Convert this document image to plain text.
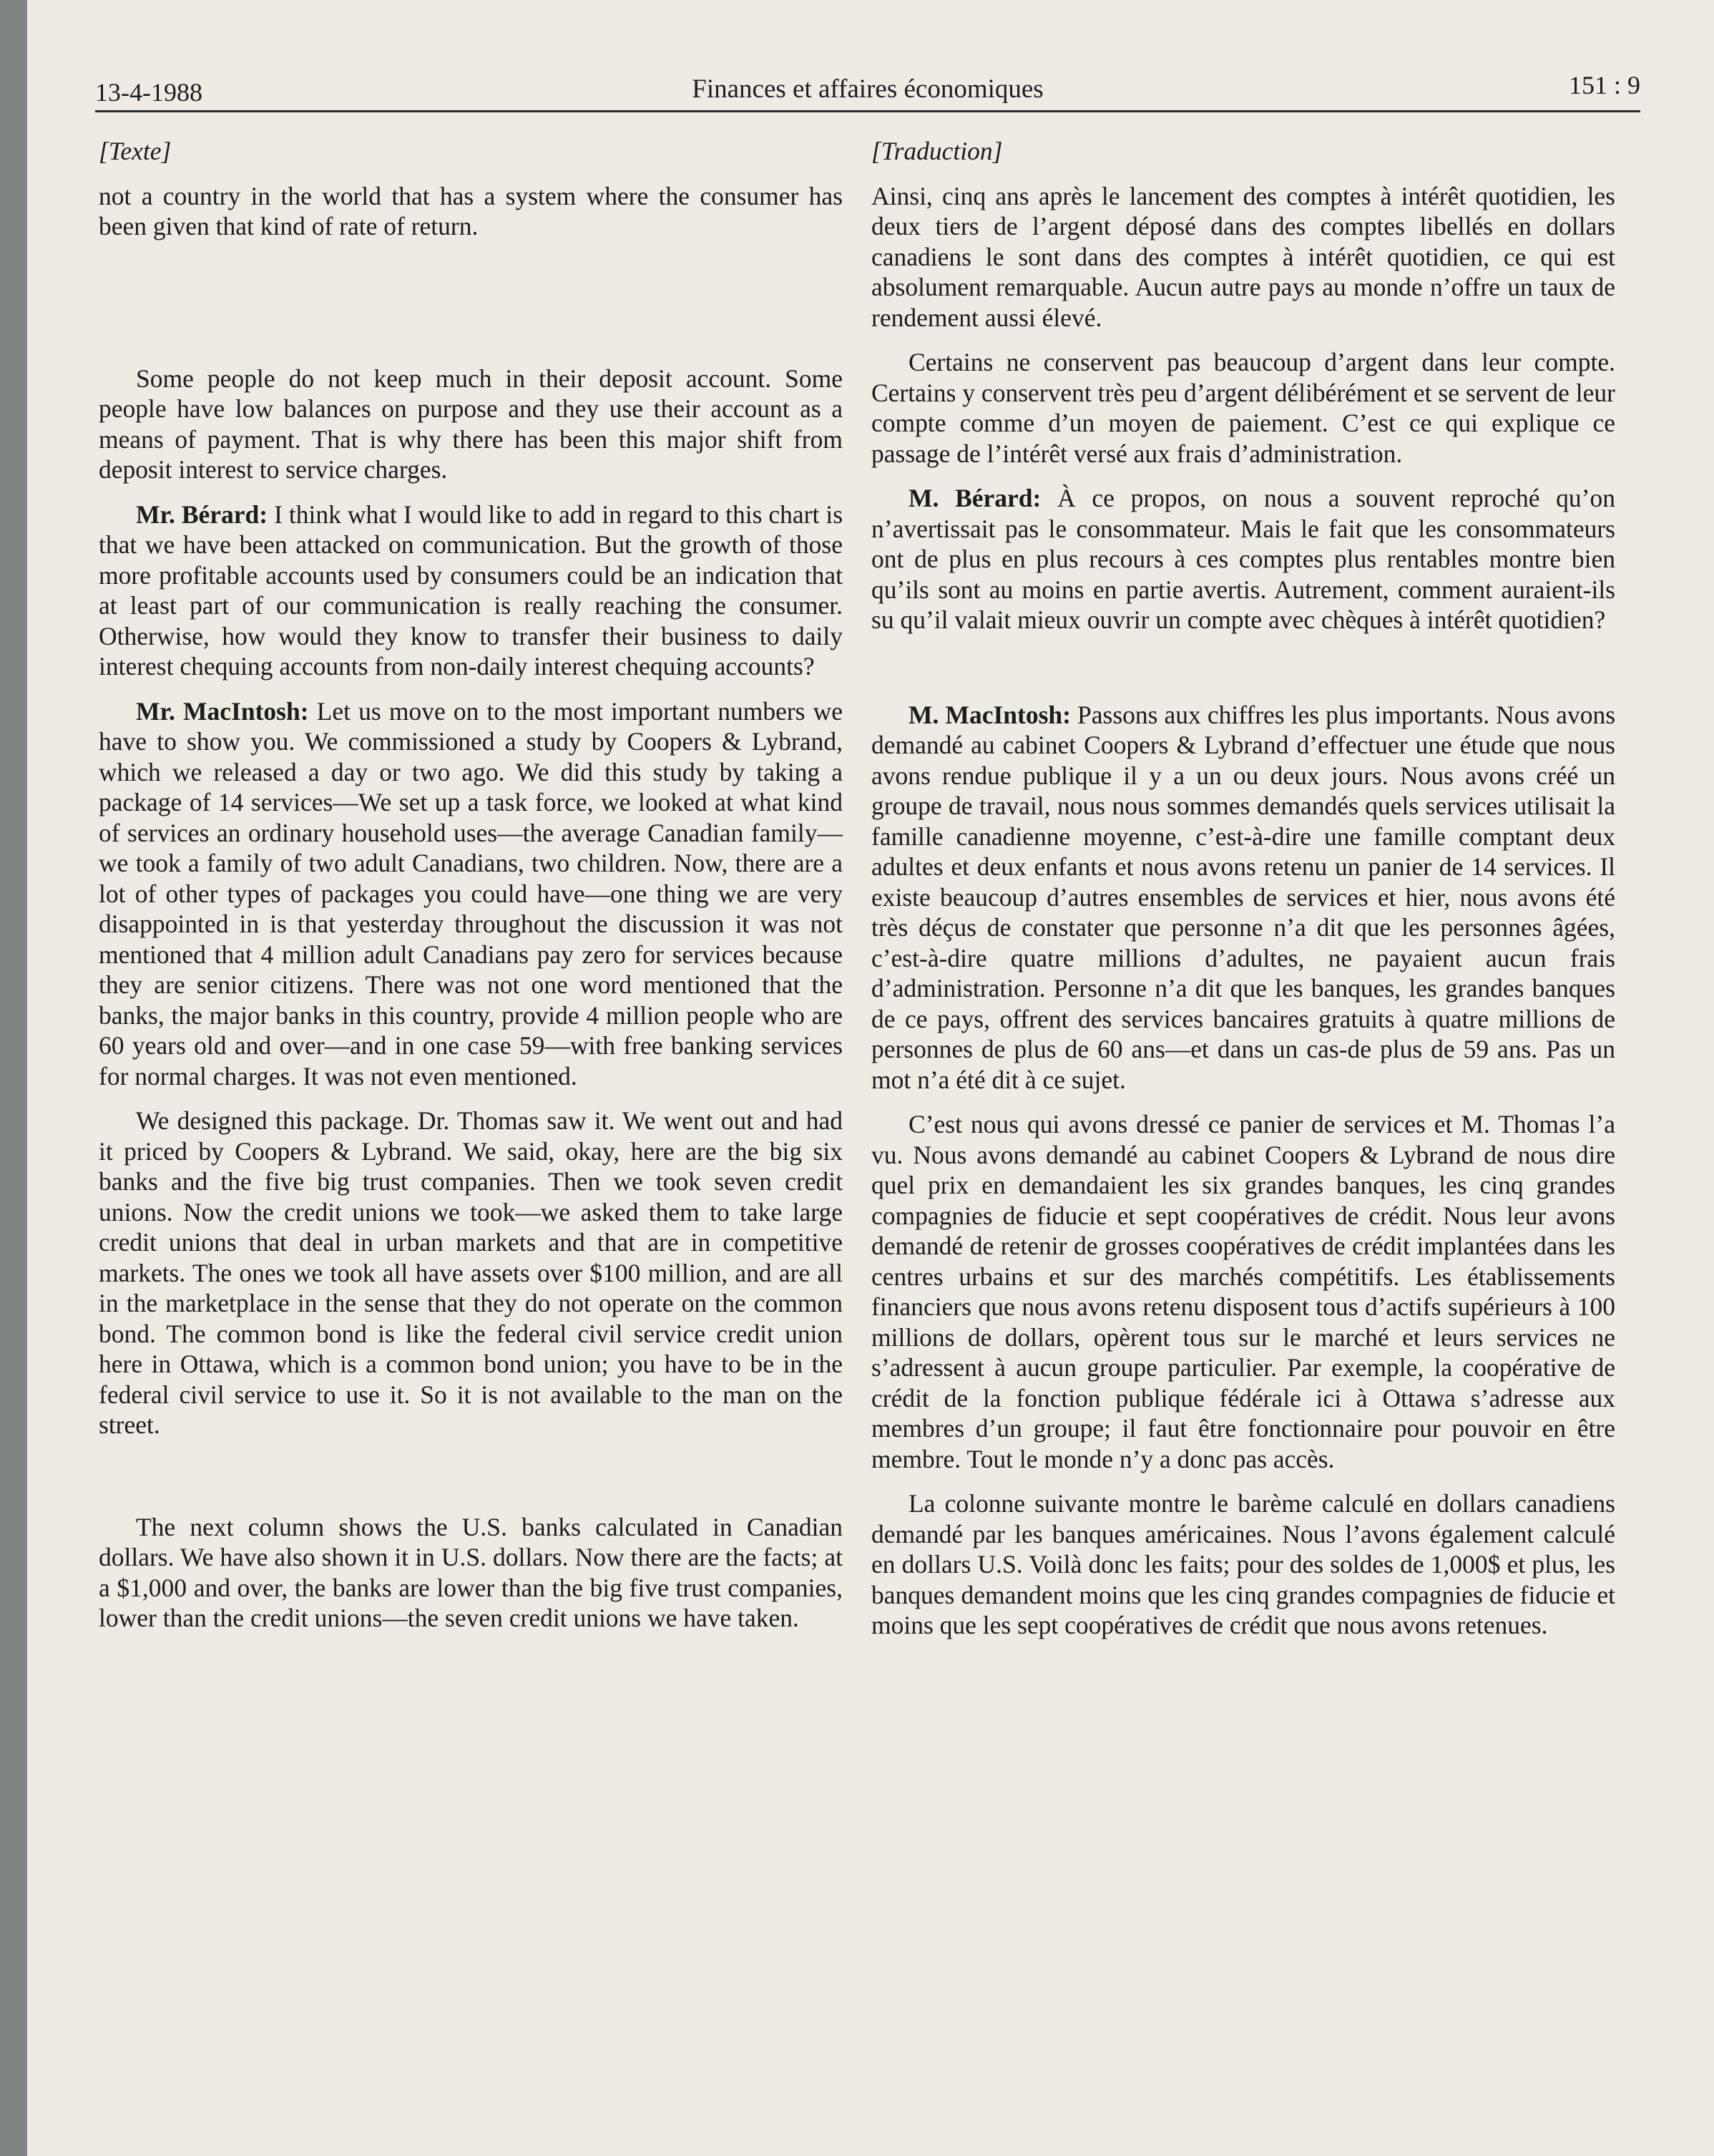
13-4-1988	Finances et affaires économiques	151 : 9

[Texte]

not a country in the world that has a system where the consumer has been given that kind of rate of return.

Some people do not keep much in their deposit account. Some people have low balances on purpose and they use their account as a means of payment. That is why there has been this major shift from deposit interest to service charges.

Mr. Bérard: I think what I would like to add in regard to this chart is that we have been attacked on communication. But the growth of those more profitable accounts used by consumers could be an indication that at least part of our communication is really reaching the consumer. Otherwise, how would they know to transfer their business to daily interest chequing accounts from non-daily interest chequing accounts?

Mr. MacIntosh: Let us move on to the most important numbers we have to show you. We commissioned a study by Coopers & Lybrand, which we released a day or two ago. We did this study by taking a package of 14 services—We set up a task force, we looked at what kind of services an ordinary household uses—the average Canadian family—we took a family of two adult Canadians, two children. Now, there are a lot of other types of packages you could have—one thing we are very disappointed in is that yesterday throughout the discussion it was not mentioned that 4 million adult Canadians pay zero for services because they are senior citizens. There was not one word mentioned that the banks, the major banks in this country, provide 4 million people who are 60 years old and over—and in one case 59—with free banking services for normal charges. It was not even mentioned.

We designed this package. Dr. Thomas saw it. We went out and had it priced by Coopers & Lybrand. We said, okay, here are the big six banks and the five big trust companies. Then we took seven credit unions. Now the credit unions we took—we asked them to take large credit unions that deal in urban markets and that are in competitive markets. The ones we took all have assets over $100 million, and are all in the marketplace in the sense that they do not operate on the common bond. The common bond is like the federal civil service credit union here in Ottawa, which is a common bond union; you have to be in the federal civil service to use it. So it is not available to the man on the street.

The next column shows the U.S. banks calculated in Canadian dollars. We have also shown it in U.S. dollars. Now there are the facts; at a $1,000 and over, the banks are lower than the big five trust companies, lower than the credit unions—the seven credit unions we have taken.

[Traduction]

Ainsi, cinq ans après le lancement des comptes à intérêt quotidien, les deux tiers de l’argent déposé dans des comptes libellés en dollars canadiens le sont dans des comptes à intérêt quotidien, ce qui est absolument remarquable. Aucun autre pays au monde n’offre un taux de rendement aussi élevé.

Certains ne conservent pas beaucoup d’argent dans leur compte. Certains y conservent très peu d’argent délibérément et se servent de leur compte comme d’un moyen de paiement. C’est ce qui explique ce passage de l’intérêt versé aux frais d’administration.

M. Bérard: À ce propos, on nous a souvent reproché qu’on n’avertissait pas le consommateur. Mais le fait que les consommateurs ont de plus en plus recours à ces comptes plus rentables montre bien qu’ils sont au moins en partie avertis. Autrement, comment auraient-ils su qu’il valait mieux ouvrir un compte avec chèques à intérêt quotidien?

M. MacIntosh: Passons aux chiffres les plus importants. Nous avons demandé au cabinet Coopers & Lybrand d’effectuer une étude que nous avons rendue publique il y a un ou deux jours. Nous avons créé un groupe de travail, nous nous sommes demandés quels services utilisait la famille canadienne moyenne, c’est-à-dire une famille comptant deux adultes et deux enfants et nous avons retenu un panier de 14 services. Il existe beaucoup d’autres ensembles de services et hier, nous avons été très déçus de constater que personne n’a dit que les personnes âgées, c’est-à-dire quatre millions d’adultes, ne payaient aucun frais d’administration. Personne n’a dit que les banques, les grandes banques de ce pays, offrent des services bancaires gratuits à quatre millions de personnes de plus de 60 ans—et dans un cas-de plus de 59 ans. Pas un mot n’a été dit à ce sujet.

C’est nous qui avons dressé ce panier de services et M. Thomas l’a vu. Nous avons demandé au cabinet Coopers & Lybrand de nous dire quel prix en demandaient les six grandes banques, les cinq grandes compagnies de fiducie et sept coopératives de crédit. Nous leur avons demandé de retenir de grosses coopératives de crédit implantées dans les centres urbains et sur des marchés compétitifs. Les établissements financiers que nous avons retenu disposent tous d’actifs supérieurs à 100 millions de dollars, opèrent tous sur le marché et leurs services ne s’adressent à aucun groupe particulier. Par exemple, la coopérative de crédit de la fonction publique fédérale ici à Ottawa s’adresse aux membres d’un groupe; il faut être fonctionnaire pour pouvoir en être membre. Tout le monde n’y a donc pas accès.

La colonne suivante montre le barème calculé en dollars canadiens demandé par les banques américaines. Nous l’avons également calculé en dollars U.S. Voilà donc les faits; pour des soldes de 1,000$ et plus, les banques demandent moins que les cinq grandes compagnies de fiducie et moins que les sept coopératives de crédit que nous avons retenues.
